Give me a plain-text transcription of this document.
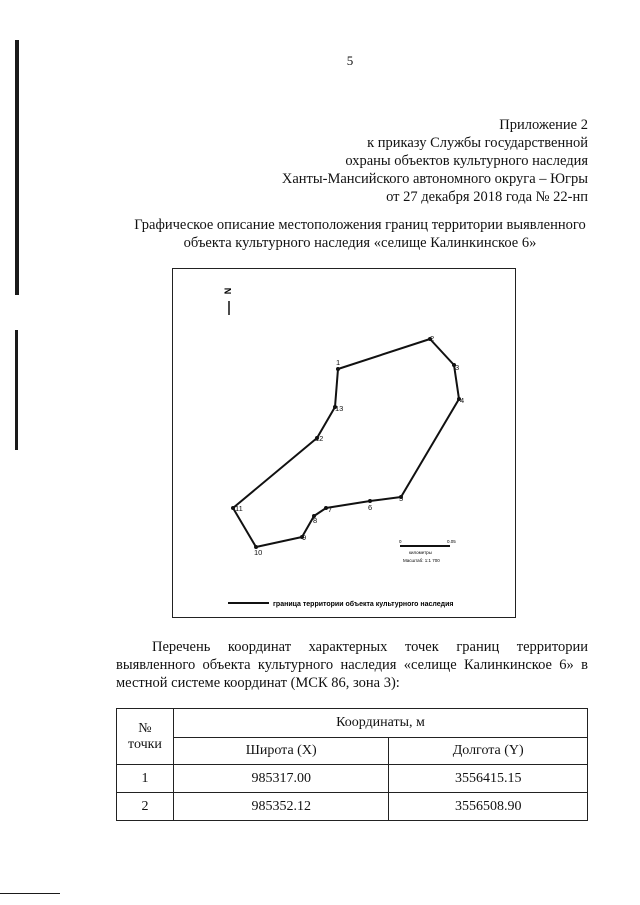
5
Приложение 2
к приказу Службы государственной
охраны объектов культурного наследия
Ханты-Мансийского автономного округа – Югры
от 27 декабря 2018 года № 22-нп
Графическое описание местоположения границ территории выявленного
объекта культурного наследия «селище Калинкинское 6»
N
1
2
3
4
5
6
7
8
9
10
11
12
13
0	0.05
километры
Масштаб: 1:1 700
граница территории объекта культурного наследия
Перечень координат характерных точек границ территории
выявленного объекта культурного наследия «селище Калинкинское 6» в местной системе координат (МСК 86, зона 3):
№ точки	Координаты, м	
	Широта (X)	Долгота (Y)
1	985317.00	3556415.15
2	985352.12	3556508.90
